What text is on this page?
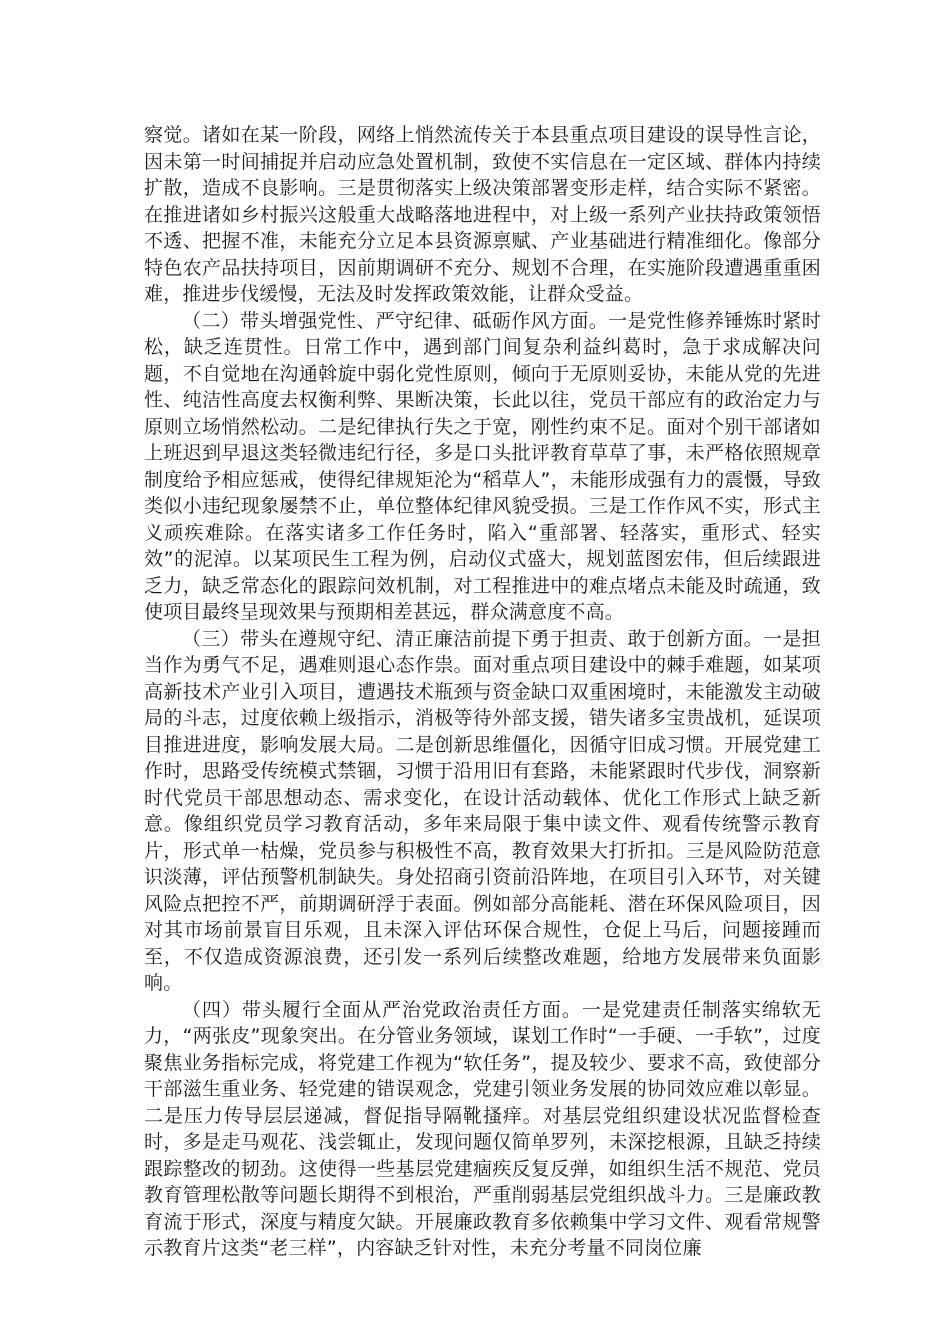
察觉。诸如在某一阶段，网络上悄然流传关于本县重点项目建设的误导性言论，因未第一时间捕捉并启动应急处置机制，致使不实信息在一定区域、群体内持续扩散，造成不良影响。三是贯彻落实上级决策部署变形走样，结合实际不紧密。在推进诸如乡村振兴这般重大战略落地进程中，对上级一系列产业扶持政策领悟不透、把握不准，未能充分立足本县资源禀赋、产业基础进行精准细化。像部分特色农产品扶持项目，因前期调研不充分、规划不合理，在实施阶段遭遇重重困难，推进步伐缓慢，无法及时发挥政策效能，让群众受益。

（二）带头增强党性、严守纪律、砥砺作风方面。一是党性修养锤炼时紧时松，缺乏连贯性。日常工作中，遇到部门间复杂利益纠葛时，急于求成解决问题，不自觉地在沟通斡旋中弱化党性原则，倾向于无原则妥协，未能从党的先进性、纯洁性高度去权衡利弊、果断决策，长此以往，党员干部应有的政治定力与原则立场悄然松动。二是纪律执行失之于宽，刚性约束不足。面对个别干部诸如上班迟到早退这类轻微违纪行径，多是口头批评教育草草了事，未严格依照规章制度给予相应惩戒，使得纪律规矩沦为“稻草人”，未能形成强有力的震慑，导致类似小违纪现象屡禁不止，单位整体纪律风貌受损。三是工作作风不实，形式主义顽疾难除。在落实诸多工作任务时，陷入“重部署、轻落实，重形式、轻实效”的泥淖。以某项民生工程为例，启动仪式盛大，规划蓝图宏伟，但后续跟进乏力，缺乏常态化的跟踪问效机制，对工程推进中的难点堵点未能及时疏通，致使项目最终呈现效果与预期相差甚远，群众满意度不高。

（三）带头在遵规守纪、清正廉洁前提下勇于担责、敢于创新方面。一是担当作为勇气不足，遇难则退心态作祟。面对重点项目建设中的棘手难题，如某项高新技术产业引入项目，遭遇技术瓶颈与资金缺口双重困境时，未能激发主动破局的斗志，过度依赖上级指示，消极等待外部支援，错失诸多宝贵战机，延误项目推进进度，影响发展大局。二是创新思维僵化，因循守旧成习惯。开展党建工作时，思路受传统模式禁锢，习惯于沿用旧有套路，未能紧跟时代步伐，洞察新时代党员干部思想动态、需求变化，在设计活动载体、优化工作形式上缺乏新意。像组织党员学习教育活动，多年来局限于集中读文件、观看传统警示教育片，形式单一枯燥，党员参与积极性不高，教育效果大打折扣。三是风险防范意识淡薄，评估预警机制缺失。身处招商引资前沿阵地，在项目引入环节，对关键风险点把控不严，前期调研浮于表面。例如部分高能耗、潜在环保风险项目，因对其市场前景盲目乐观，且未深入评估环保合规性，仓促上马后，问题接踵而至，不仅造成资源浪费，还引发一系列后续整改难题，给地方发展带来负面影响。

（四）带头履行全面从严治党政治责任方面。一是党建责任制落实绵软无力，“两张皮”现象突出。在分管业务领域，谋划工作时“一手硬、一手软”，过度聚焦业务指标完成，将党建工作视为“软任务”，提及较少、要求不高，致使部分干部滋生重业务、轻党建的错误观念，党建引领业务发展的协同效应难以彰显。二是压力传导层层递减，督促指导隔靴搔痒。对基层党组织建设状况监督检查时，多是走马观花、浅尝辄止，发现问题仅简单罗列，未深挖根源，且缺乏持续跟踪整改的韧劲。这使得一些基层党建痼疾反复反弹，如组织生活不规范、党员教育管理松散等问题长期得不到根治，严重削弱基层党组织战斗力。三是廉政教育流于形式，深度与精度欠缺。开展廉政教育多依赖集中学习文件、观看常规警示教育片这类“老三样”，内容缺乏针对性，未充分考量不同岗位廉
